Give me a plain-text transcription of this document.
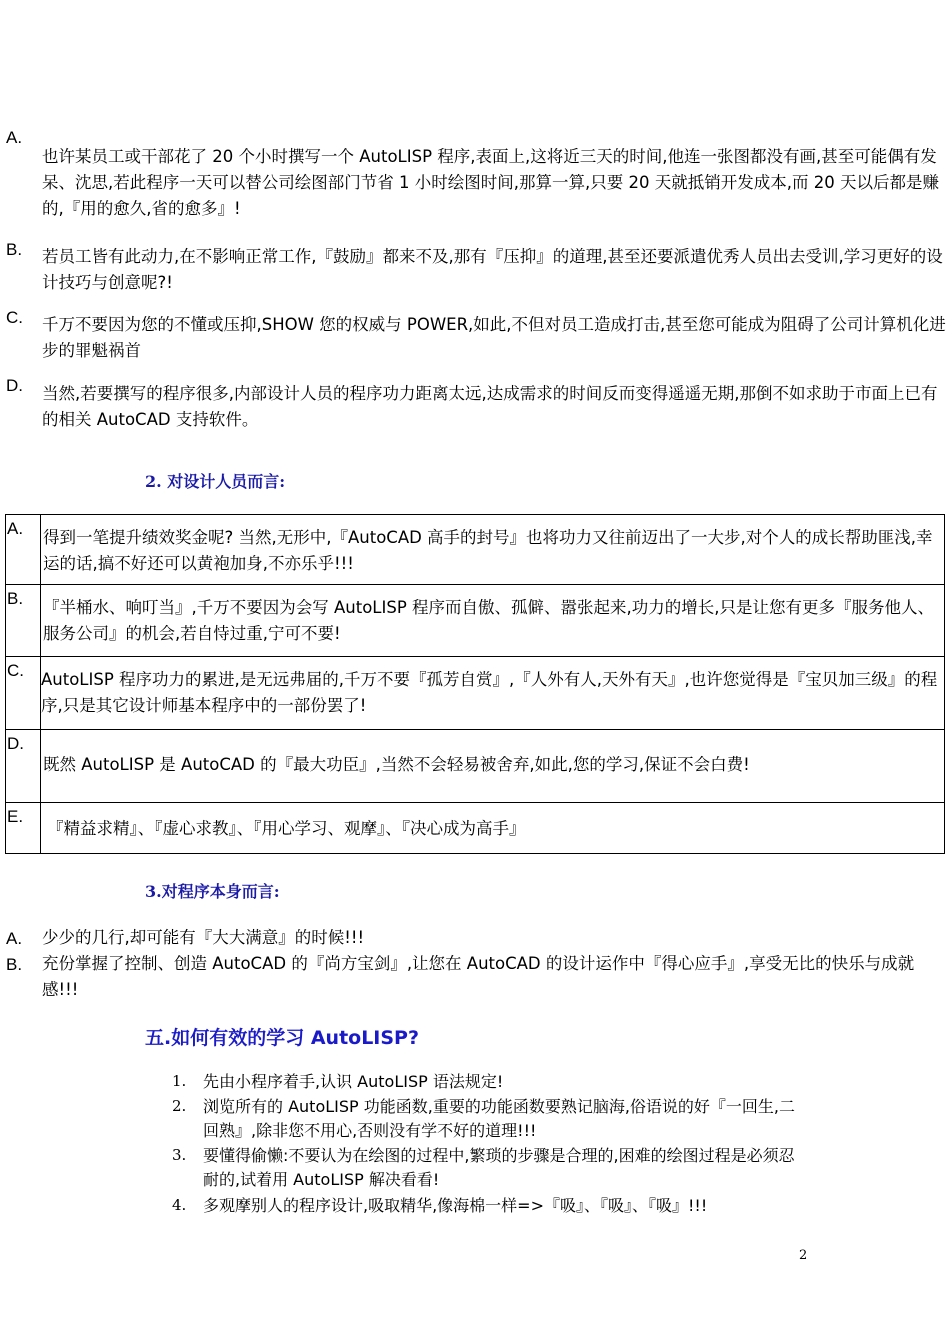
A.
也许某员工或干部花了 20 个小时撰写一个 AutoLISP 程序,表面上,这将近三天的时间,他连一张图都没有画,甚至可能偶有发呆、沈思,若此程序一天可以替公司绘图部门节省 1 小时绘图时间,那算一算,只要 20 天就抵销开发成本,而 20 天以后都是赚的,『用的愈久,省的愈多』!
B. 若员工皆有此动力,在不影响正常工作,『鼓励』都来不及,那有『压抑』的道理,甚至还要派遣优秀人员出去受训,学习更好的设计技巧与创意呢?!
C. 千万不要因为您的不懂或压抑,SHOW 您的权威与 POWER,如此,不但对员工造成打击,甚至您可能成为阻碍了公司计算机化进步的罪魁祸首
D. 当然,若要撰写的程序很多,内部设计人员的程序功力距离太远,达成需求的时间反而变得遥遥无期,那倒不如求助于市面上已有的相关 AutoCAD 支持软件。
2. 对设计人员而言:
A.	得到一笔提升绩效奖金呢? 当然,无形中,『AutoCAD 高手的封号』也将功力又往前迈出了一大步,对个人的成长帮助匪浅,幸运的话,搞不好还可以黄袍加身,不亦乐乎!!!

B.	『半桶水、响叮当』,千万不要因为会写 AutoLISP 程序而自傲、孤僻、嚣张起来,功力的增长,只是让您有更多『服务他人、服务公司』的机会,若自恃过重,宁可不要!

C.	AutoLISP 程序功力的累进,是无远弗届的,千万不要『孤芳自赏』,『人外有人,天外有天』,也许您觉得是『宝贝加三级』的程序,只是其它设计师基本程序中的一部份罢了!

D.	既然 AutoLISP 是 AutoCAD 的『最大功臣』,当然不会轻易被舍弃,如此,您的学习,保证不会白费!

E.	『精益求精』、『虚心求教』、『用心学习、观摩』、『决心成为高手』
3.对程序本身而言:
A. 少少的几行,却可能有『大大满意』的时候!!!
B. 充份掌握了控制、创造 AutoCAD 的『尚方宝剑』,让您在 AutoCAD 的设计运作中『得心应手』,享受无比的快乐与成就感!!!
五.如何有效的学习 AutoLISP?
1. 先由小程序着手,认识 AutoLISP 语法规定!
2. 浏览所有的 AutoLISP 功能函数,重要的功能函数要熟记脑海,俗语说的好『一回生,二回熟』,除非您不用心,否则没有学不好的道理!!!
3. 要懂得偷懒:不要认为在绘图的过程中,繁琐的步骤是合理的,困难的绘图过程是必须忍耐的,试着用 AutoLISP 解决看看!
4. 多观摩别人的程序设计,吸取精华,像海棉一样=>『吸』、『吸』、『吸』!!!
2
